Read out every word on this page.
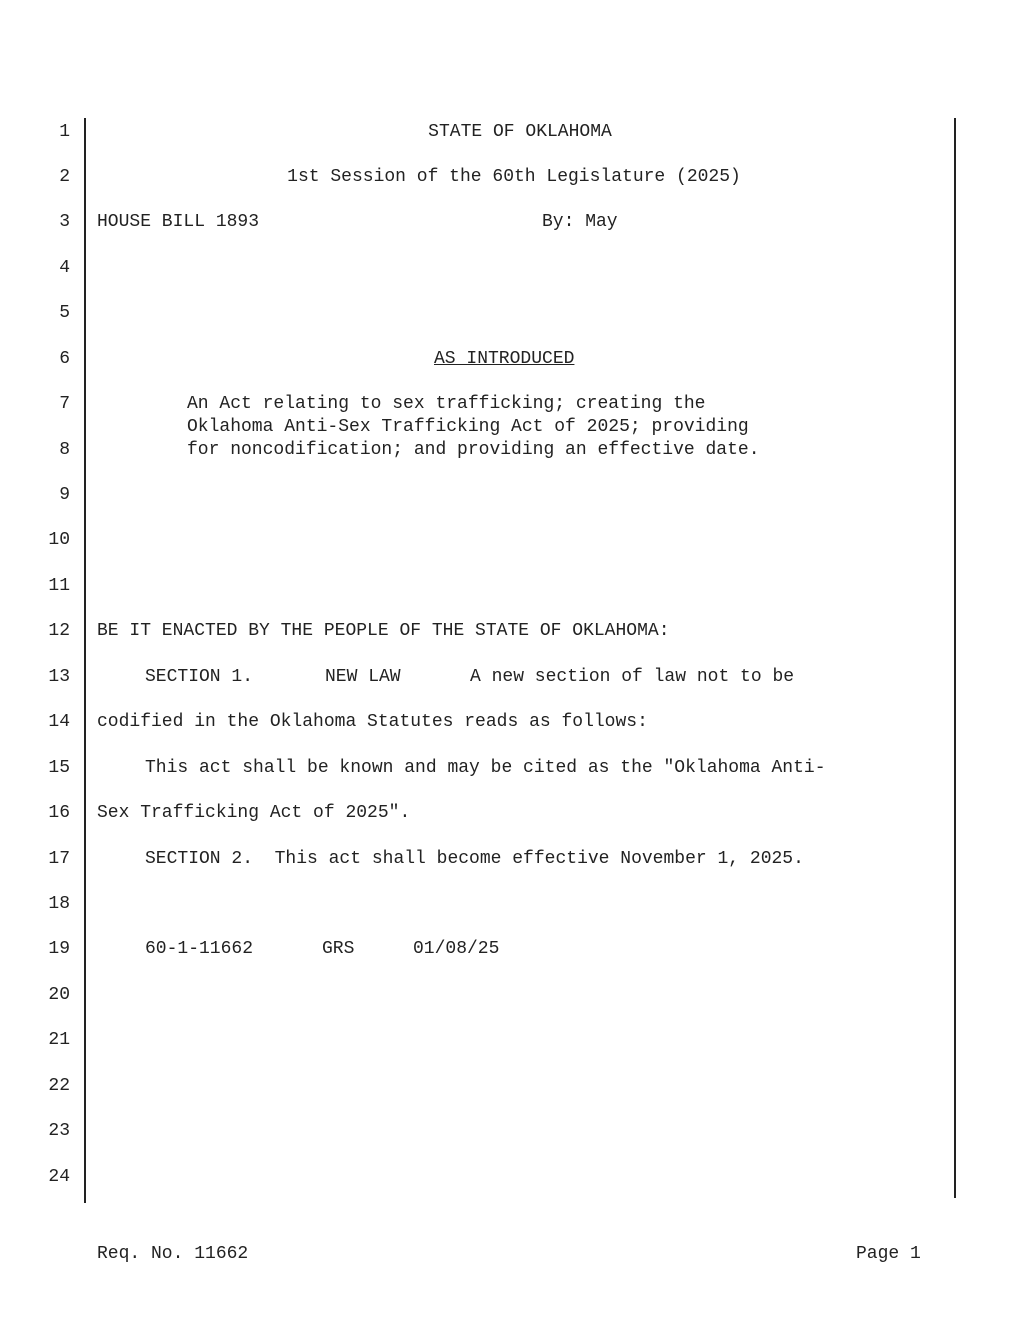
1
2
3
4
5
6
7
8
9
10
11
12
13
14
15
16
17
18
19
20
21
22
23
24
STATE OF OKLAHOMA
1st Session of the 60th Legislature (2025)
HOUSE BILL 1893	By: May
AS INTRODUCED
An Act relating to sex trafficking; creating the
Oklahoma Anti-Sex Trafficking Act of 2025; providing
for noncodification; and providing an effective date.
BE IT ENACTED BY THE PEOPLE OF THE STATE OF OKLAHOMA:
SECTION 1.	NEW LAW	A new section of law not to be
codified in the Oklahoma Statutes reads as follows:
This act shall be known and may be cited as the "Oklahoma Anti-
Sex Trafficking Act of 2025".
SECTION 2.  This act shall become effective November 1, 2025.
60-1-11662	GRS	01/08/25
Req. No. 11662	Page 1
